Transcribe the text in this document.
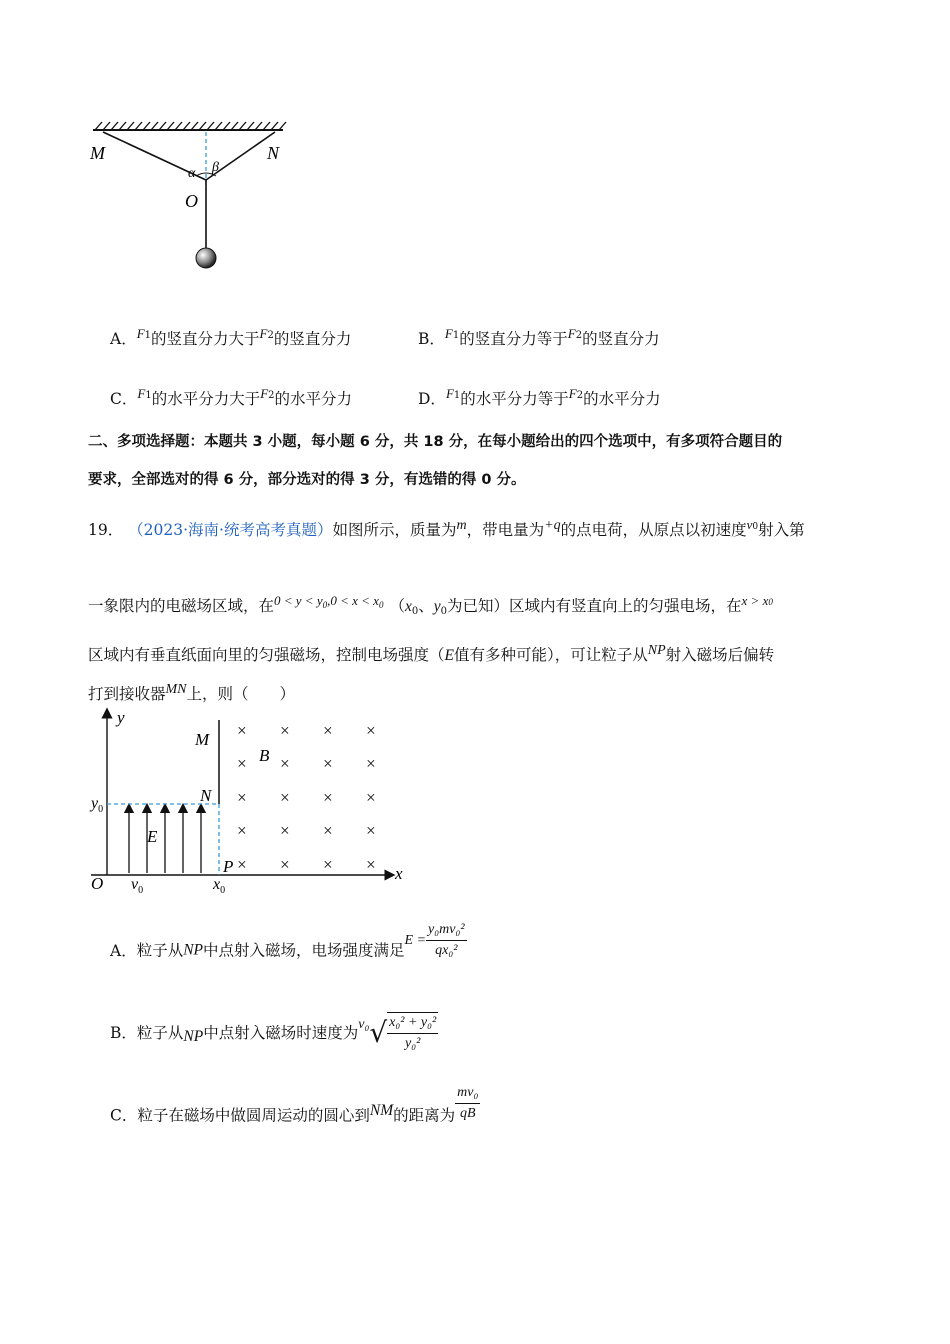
M	N
α β
O
A．$^{F1}$的竖直分力大于$^{F2}$的竖直分力	B．$^{F1}$的竖直分力等于$^{F2}$的竖直分力
C．$^{F1}$的水平分力大于$^{F2}$的水平分力	D．$^{F1}$的水平分力等于$^{F2}$的水平分力
二、多项选择题：本题共 3 小题，每小题 6 分，共 18 分，在每小题给出的四个选项中，有多项符合题目的
要求，全部选对的得 6 分，部分选对的得 3 分，有选错的得 0 分。
19． （2023·海南·统考高考真题）如图所示，质量为m，带电量为+q的点电荷，从原点以初速度$^{v0}$射入第
一象限内的电磁场区域，在$^{0 < y < y_0,0 < x < x_0}$ （$x_0$、$y_0$为已知）区域内有竖直向上的匀强电场，在$^{x > x0}$
区域内有垂直纸面向里的匀强磁场，控制电场强度（E值有多种可能），可让粒子从NP射入磁场后偏转
打到接收器MN上，则（　　）
× × × ×
× × × ×
× × × ×
× × × ×
× × × ×
y
x
M
N
P
B
E
O
$y_0$
$x_0$
$v_0$
A．粒子从NP中点射入磁场，电场强度满足$E = \frac{\text{y₀mv₀²}}{\text{qx₀²}}$
B．粒子从NP中点射入磁场时速度为$v_0√ \frac{\text{x₀² + y₀²}}{\text{y₀²}}$
C．粒子在磁场中做圆周运动的圆心到NM的距离为 $\frac{\text{mv₀}}{qB}$
